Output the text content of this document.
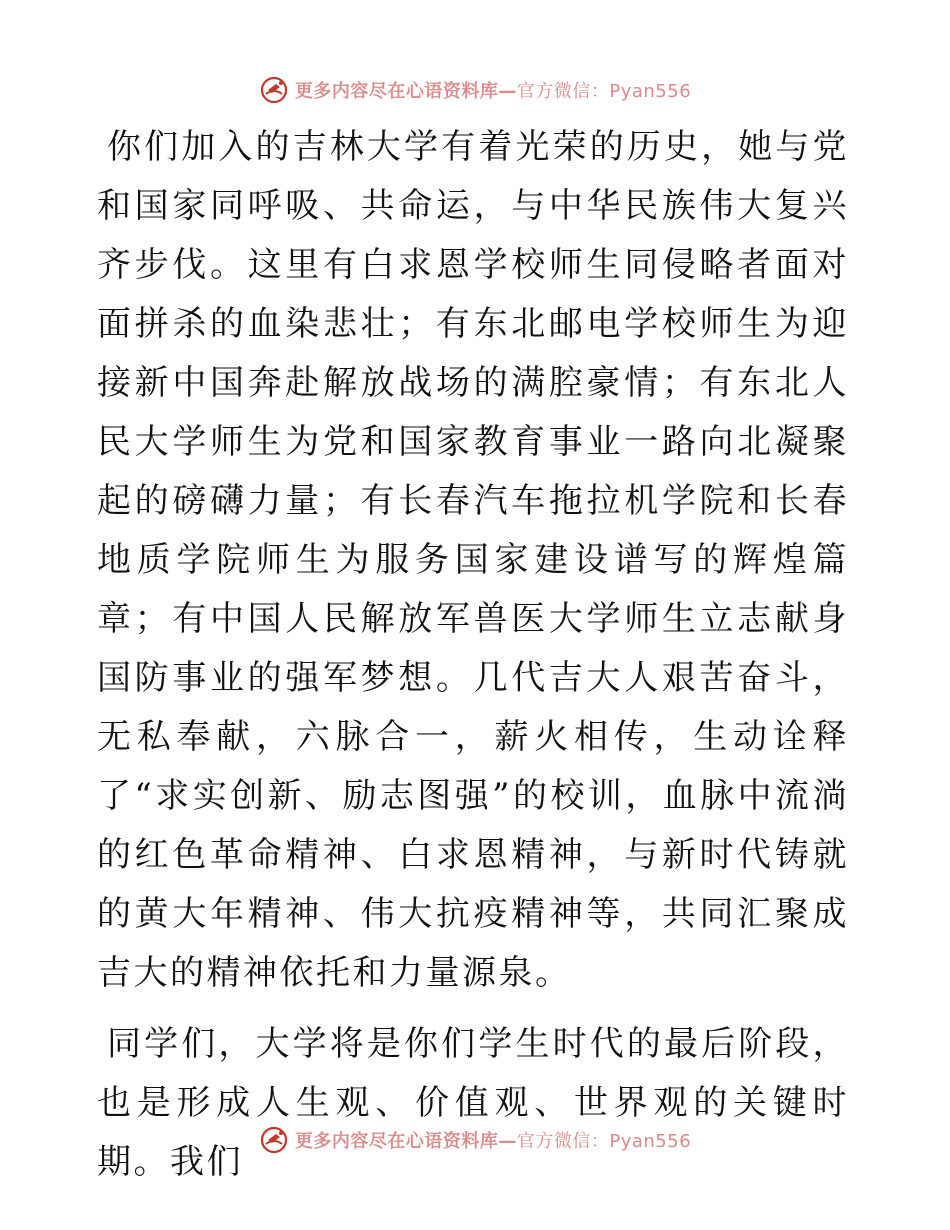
更多内容尽在心语资料库—官方微信：Pyan556

你们加入的吉林大学有着光荣的历史，她与党和国家同呼吸、共命运，与中华民族伟大复兴齐步伐。这里有白求恩学校师生同侵略者面对面拼杀的血染悲壮；有东北邮电学校师生为迎接新中国奔赴解放战场的满腔豪情；有东北人民大学师生为党和国家教育事业一路向北凝聚起的磅礴力量；有长春汽车拖拉机学院和长春地质学院师生为服务国家建设谱写的辉煌篇章；有中国人民解放军兽医大学师生立志献身国防事业的强军梦想。几代吉大人艰苦奋斗，无私奉献，六脉合一，薪火相传，生动诠释了“求实创新、励志图强”的校训，血脉中流淌的红色革命精神、白求恩精神，与新时代铸就的黄大年精神、伟大抗疫精神等，共同汇聚成吉大的精神依托和力量源泉。

同学们，大学将是你们学生时代的最后阶段，也是形成人生观、价值观、世界观的关键时期。我们

更多内容尽在心语资料库—官方微信：Pyan556
